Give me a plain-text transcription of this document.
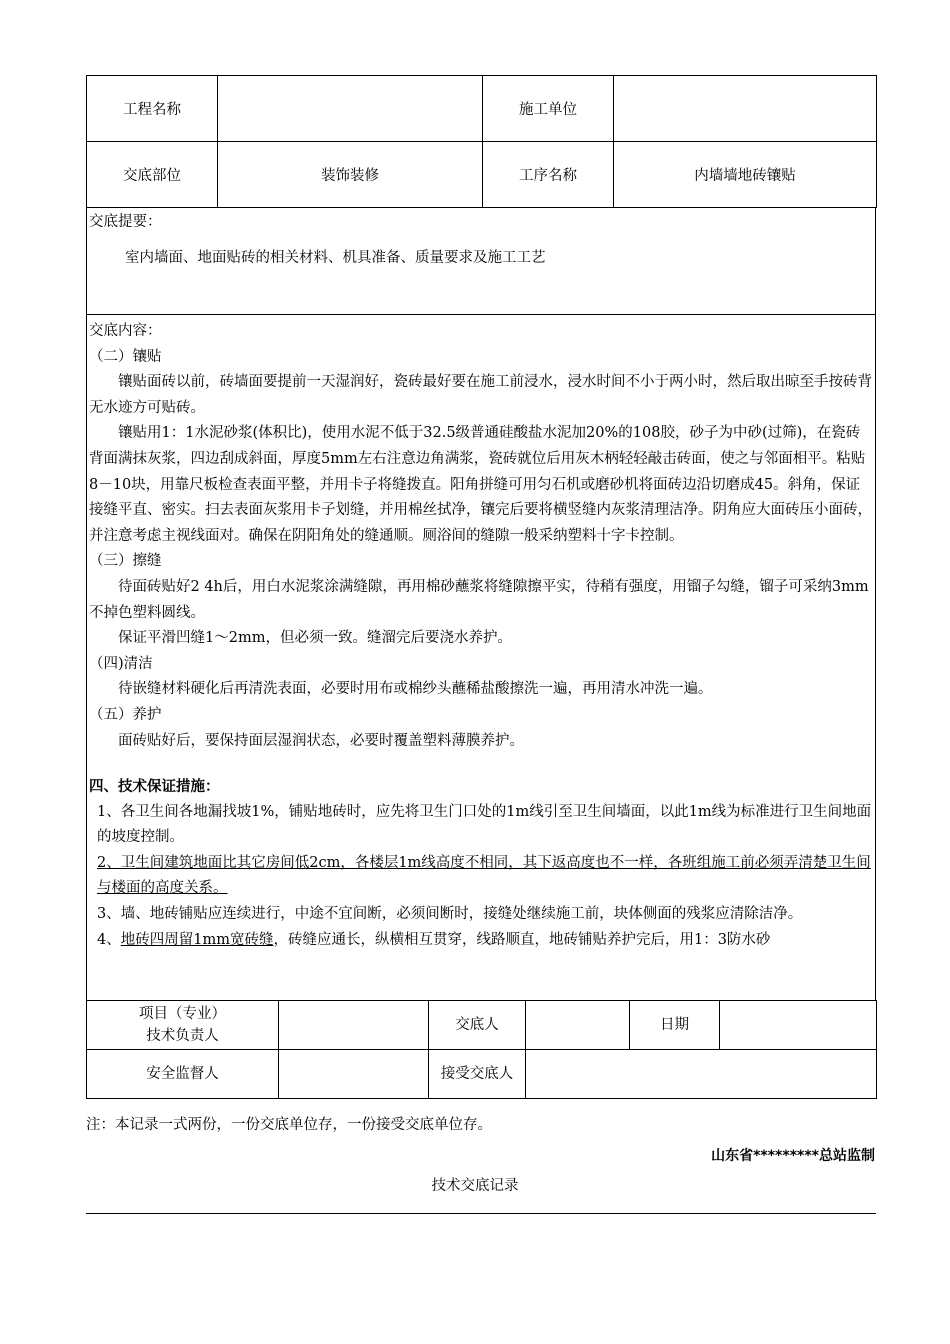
工程名称		施工单位	
交底部位	装饰装修	工序名称	内墙墙地砖镶贴
交底提要：
室内墙面、地面贴砖的相关材料、机具准备、质量要求及施工工艺

交底内容：

（二）镶贴

镶贴面砖以前，砖墙面要提前一天湿润好，瓷砖最好要在施工前浸水，浸水时间不小于两小时，然后取出晾至手按砖背无水迹方可贴砖。

镶贴用1：1水泥砂浆(体积比)，使用水泥不低于32.5级普通硅酸盐水泥加20%的108胶，砂子为中砂(过筛)，在瓷砖背面满抹灰浆，四边刮成斜面，厚度5mm左右注意边角满浆，瓷砖就位后用灰木柄轻轻敲击砖面，使之与邻面相平。粘贴8－10块，用靠尺板检查表面平整，并用卡子将缝拨直。阳角拼缝可用匀石机或磨砂机将面砖边沿切磨成45。斜角，保证接缝平直、密实。扫去表面灰浆用卡子划缝，并用棉丝拭净，镶完后要将横竖缝内灰浆清理洁净。阴角应大面砖压小面砖，并注意考虑主视线面对。确保在阴阳角处的缝通顺。厕浴间的缝隙一般采纳塑料十字卡控制。

（三）擦缝

待面砖贴好2 4h后，用白水泥浆涂满缝隙，再用棉砂蘸浆将缝隙擦平实，待稍有强度，用镏子勾缝，镏子可采纳3mm不掉色塑料圆线。

保证平滑凹缝1～2mm，但必须一致。缝溜完后要浇水养护。

（四)清洁

待嵌缝材料硬化后再清洗表面，必要时用布或棉纱头蘸稀盐酸擦洗一遍，再用清水冲洗一遍。

（五）养护

面砖贴好后，要保持面层湿润状态，必要时覆盖塑料薄膜养护。

四、技术保证措施：

1、各卫生间各地漏找坡1%，铺贴地砖时，应先将卫生门口处的1m线引至卫生间墙面，以此1m线为标准进行卫生间地面的坡度控制。

2、卫生间建筑地面比其它房间低2cm，各楼层1m线高度不相同，其下返高度也不一样，各班组施工前必须弄清楚卫生间与楼面的高度关系。

3、墙、地砖铺贴应连续进行，中途不宜间断，必须间断时，接缝处继续施工前，块体侧面的残浆应清除洁净。

4、地砖四周留1mm宽砖缝，砖缝应通长，纵横相互贯穿，线路顺直，地砖铺贴养护完后，用1：3防水砂

项目（专业）
技术负责人		交底人		日期	
安全监督人		接受交底人			
注：本记录一式两份，一份交底单位存，一份接受交底单位存。
山东省*********总站监制
技术交底记录
